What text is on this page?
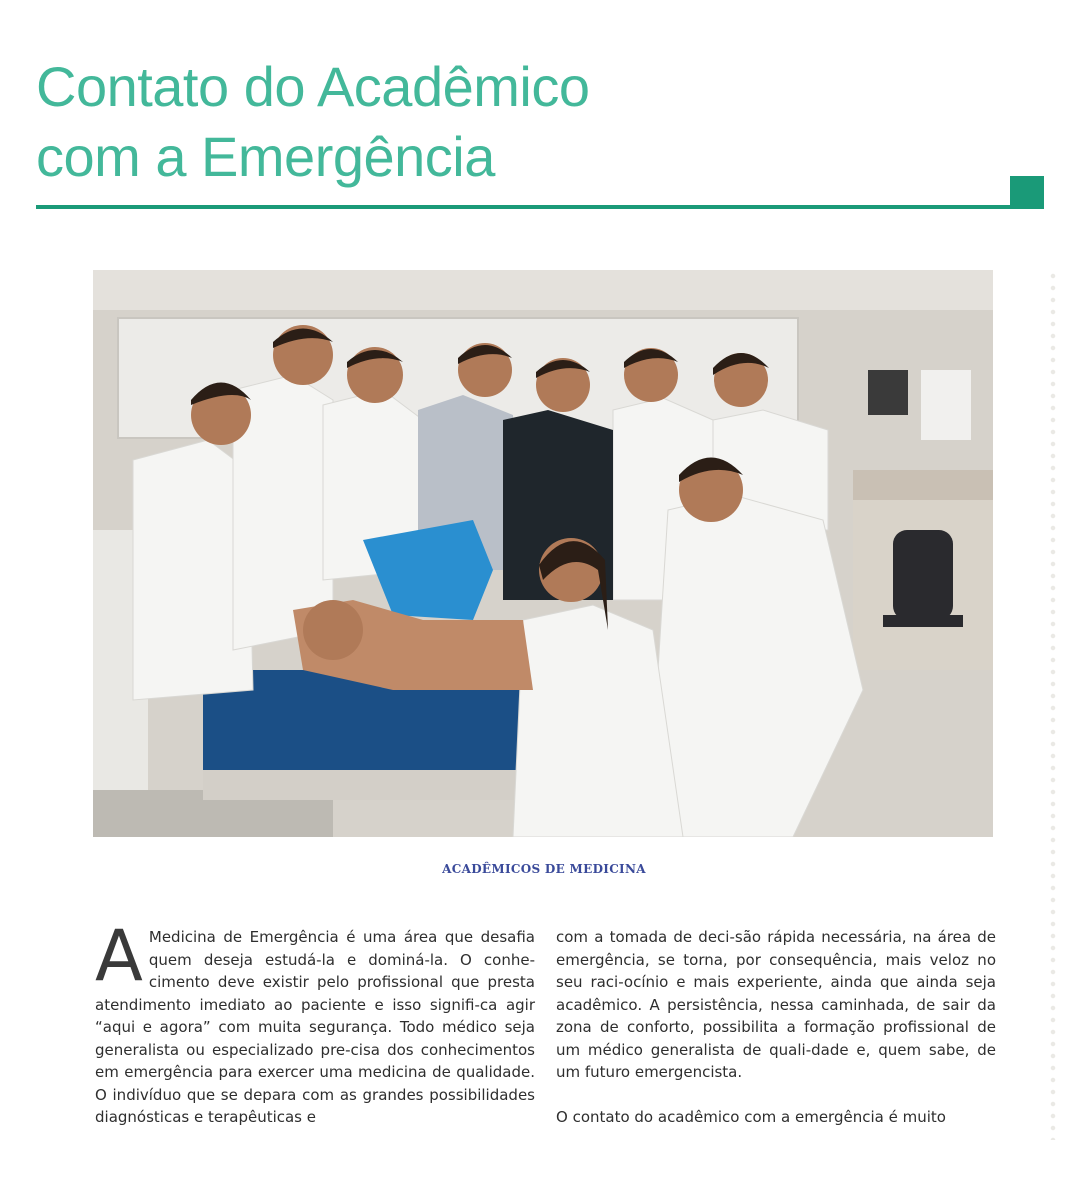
Contato do Acadêmico
com a Emergência
ACADÊMICOS DE MEDICINA

A Medicina de Emergência é uma área que desafia quem deseja estudá-la e dominá-la. O conhe-cimento deve existir pelo profissional que presta atendimento imediato ao paciente e isso signifi-ca agir “aqui e agora” com muita segurança. Todo médico seja generalista ou especializado pre-cisa dos conhecimentos em emergência para exercer uma medicina de qualidade. O indivíduo que se depara com as grandes possibilidades diagnósticas e terapêuticas e

com a tomada de deci-são rápida necessária, na área de emergência, se torna, por consequência, mais veloz no seu raci-ocínio e mais experiente, ainda que ainda seja acadêmico. A persistência, nessa caminhada, de sair da zona de conforto, possibilita a formação profissional de um médico generalista de quali-dade e, quem sabe, de um futuro emergencista.

O contato do acadêmico com a emergência é muito
